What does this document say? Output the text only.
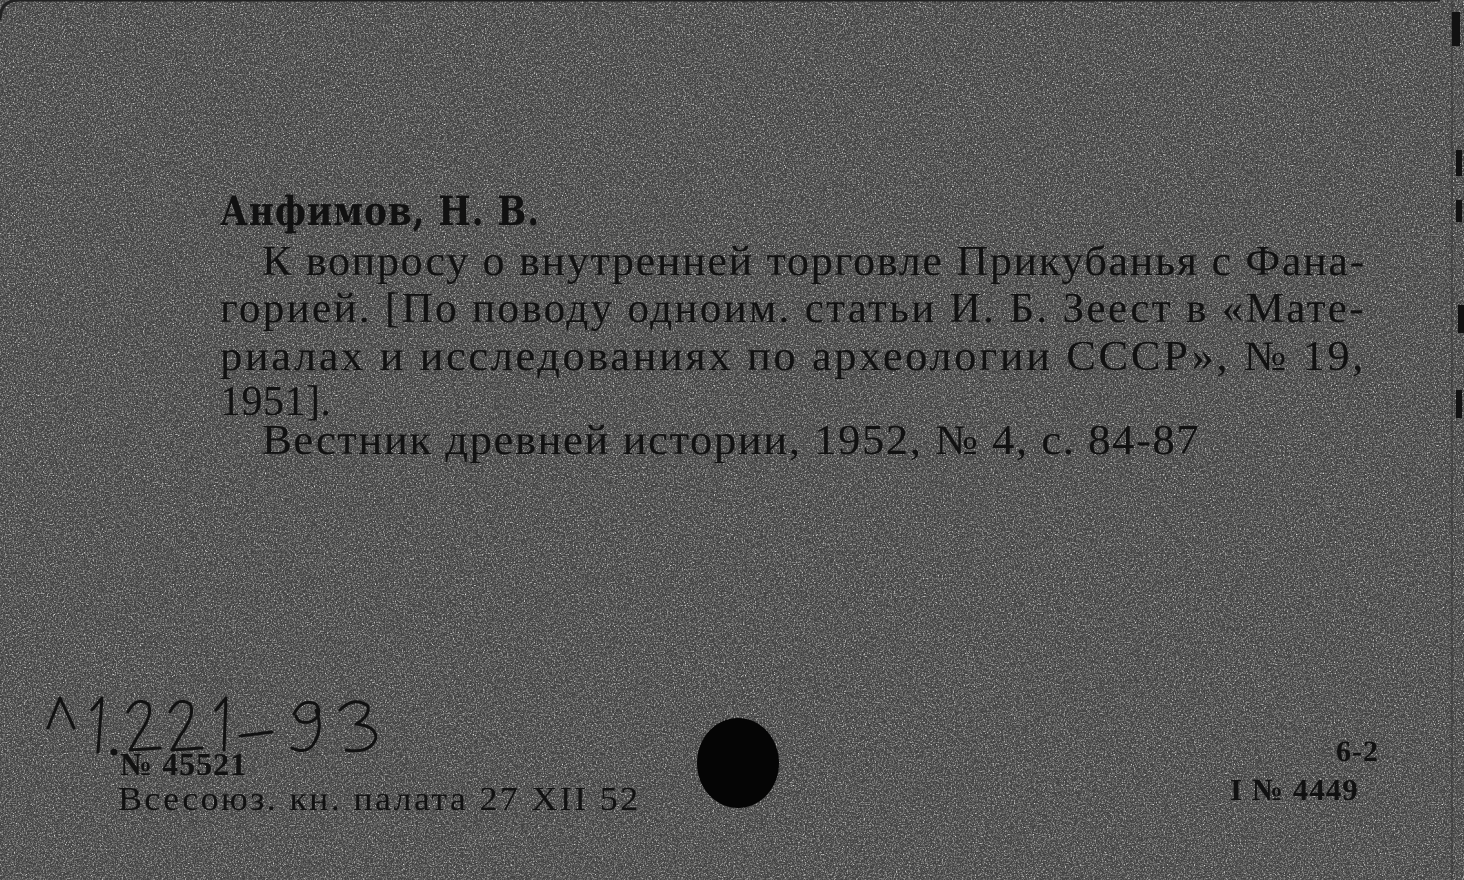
Анфимов, Н. В.
К вопросу о внутренней торговле Прикубанья с Фана-
горией. [По поводу одноим. статьи И. Б. Зеест в «Мате-
риалах и исследованиях по археологии СССР», № 19,
1951].
Вестник древней истории, 1952, № 4, с. 84-87
№ 45521
Всесоюз. кн. палата 27 XII 52
6-2
I № 4449
